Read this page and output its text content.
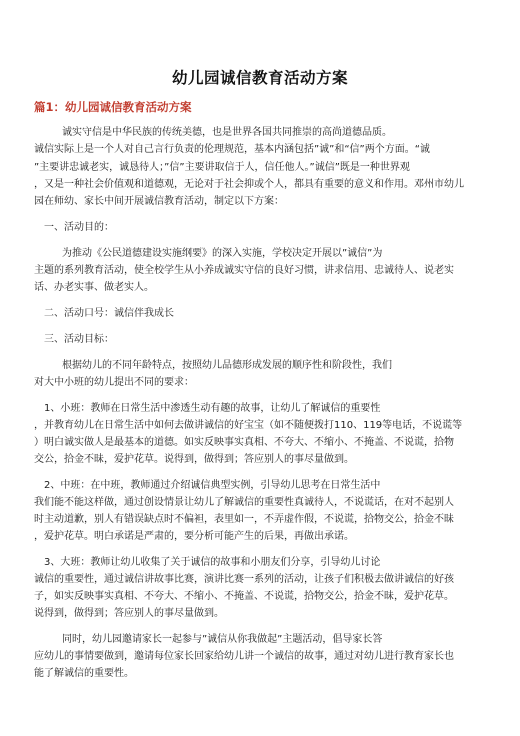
幼儿园诚信教育活动方案
篇1：幼儿园诚信教育活动方案
诚实守信是中华民族的传统美德，也是世界各国共同推崇的高尚道德品质。
诚信实际上是一个人对自己言行负责的伦理规范，基本内涵包括”诚”和“信”两个方面。“诚
”主要讲忠诚老实，诚恳待人；”信”主要讲取信于人，信任他人。”诚信”既是一种世界观
，又是一种社会价值观和道德观，无论对于社会抑或个人，都具有重要的意义和作用。邓州市幼儿
园在师幼、家长中间开展诚信教育活动，制定以下方案：
一、活动目的：
为推动《公民道德建设实施纲要》的深入实施，学校决定开展以”诚信”为
主题的系列教育活动，使全校学生从小养成诚实守信的良好习惯，讲求信用、忠诚待人、说老实
话、办老实事、做老实人。
二、活动口号：诚信伴我成长
三、活动目标：
根据幼儿的不同年龄特点，按照幼儿品德形成发展的顺序性和阶段性，我们
对大中小班的幼儿提出不同的要求：
1、小班：教师在日常生活中渗透生动有趣的故事，让幼儿了解诚信的重要性
，并教育幼儿在日常生活中如何去做讲诚信的好宝宝（如不随便拨打110、119等电话，不说谎等
）明白诚实做人是最基本的道德。如实反映事实真相、不夸大、不缩小、不掩盖、不说谎，拾物
交公，拾金不昧，爱护花草。说得到，做得到；答应别人的事尽量做到。
2、中班：在中班，教师通过介绍诚信典型实例，引导幼儿思考在日常生活中
我们能不能这样做，通过创设情景让幼儿了解诚信的重要性真诚待人，不说谎话，在对不起别人
时主动道歉，别人有错误缺点时不偏袒，表里如一，不弄虚作假，不说谎，拾物交公，拾金不昧
，爱护花草。明白承诺是严肃的，要分析可能产生的后果，再做出承诺。
3、大班：教师让幼儿收集了关于诚信的故事和小朋友们分享，引导幼儿讨论
诚信的重要性，通过诚信讲故事比赛，演讲比赛一系列的活动，让孩子们积极去做讲诚信的好孩
子，如实反映事实真相、不夸大、不缩小、不掩盖、不说谎，拾物交公，拾金不昧，爱护花草。
说得到，做得到；答应别人的事尽量做到。
同时，幼儿园邀请家长一起参与”诚信从你我做起”主题活动，倡导家长答
应幼儿的事情要做到，邀请每位家长回家给幼儿讲一个诚信的故事，通过对幼儿进行教育家长也
能了解诚信的重要性。
